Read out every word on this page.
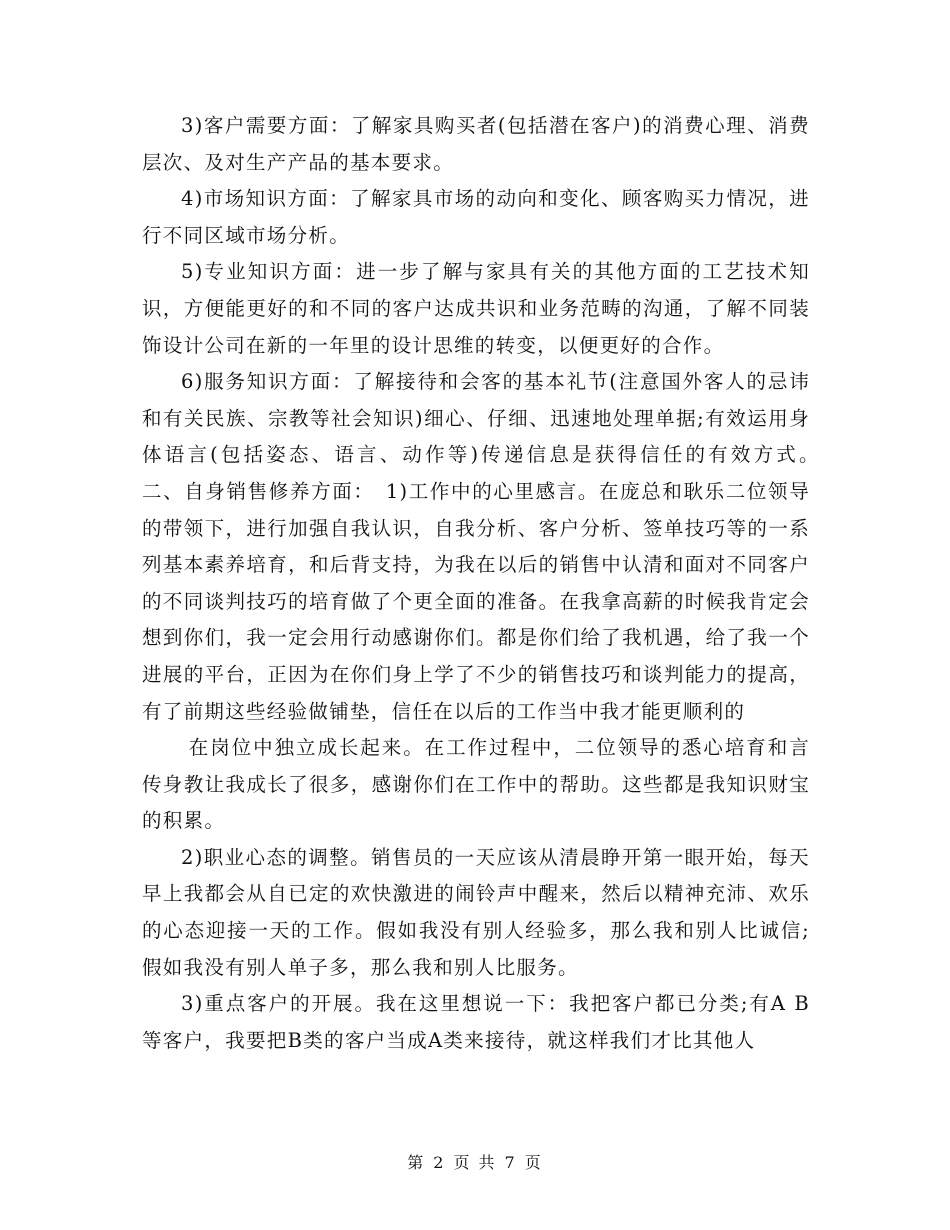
3)客户需要方面：了解家具购买者(包括潜在客户)的消费心理、消费层次、及对生产产品的基本要求。

4)市场知识方面：了解家具市场的动向和变化、顾客购买力情况，进行不同区域市场分析。

5)专业知识方面：进一步了解与家具有关的其他方面的工艺技术知识，方便能更好的和不同的客户达成共识和业务范畴的沟通，了解不同装饰设计公司在新的一年里的设计思维的转变，以便更好的合作。

6)服务知识方面：了解接待和会客的基本礼节(注意国外客人的忌讳和有关民族、宗教等社会知识)细心、仔细、迅速地处理单据;有效运用身体语言(包括姿态、语言、动作等)传递信息是获得信任的有效方式。　二、自身销售修养方面：　1)工作中的心里感言。在庞总和耿乐二位领导的带领下，进行加强自我认识，自我分析、客户分析、签单技巧等的一系列基本素养培育，和后背支持，为我在以后的销售中认清和面对不同客户的不同谈判技巧的培育做了个更全面的准备。在我拿高薪的时候我肯定会想到你们，我一定会用行动感谢你们。都是你们给了我机遇，给了我一个进展的平台，正因为在你们身上学了不少的销售技巧和谈判能力的提高，有了前期这些经验做铺垫，信任在以后的工作当中我才能更顺利的

在岗位中独立成长起来。在工作过程中，二位领导的悉心培育和言传身教让我成长了很多，感谢你们在工作中的帮助。这些都是我知识财宝的积累。

2)职业心态的调整。销售员的一天应该从清晨睁开第一眼开始，每天早上我都会从自已定的欢快激进的闹铃声中醒来，然后以精神充沛、欢乐的心态迎接一天的工作。假如我没有别人经验多，那么我和别人比诚信;假如我没有别人单子多，那么我和别人比服务。

3)重点客户的开展。我在这里想说一下：我把客户都已分类;有A B 等客户，我要把B类的客户当成A类来接待，就这样我们才比其他人

第 2 页 共 7 页
